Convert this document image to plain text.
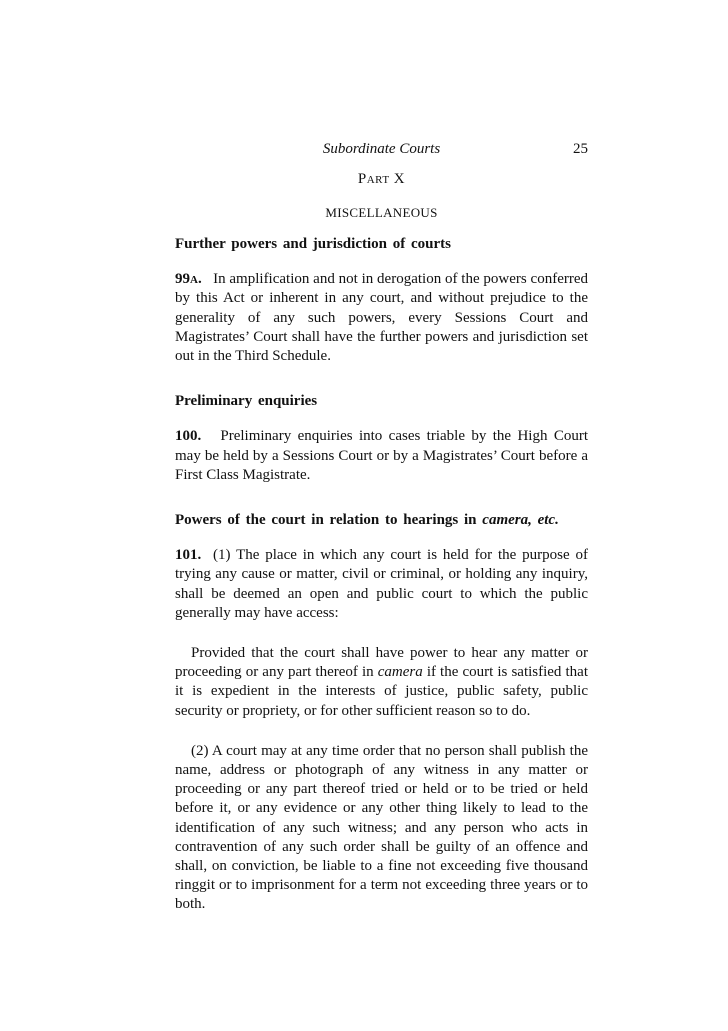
Subordinate Courts	25
Part X
MISCELLANEOUS
Further powers and jurisdiction of courts

99a. In amplification and not in derogation of the powers conferred by this Act or inherent in any court, and without prejudice to the generality of any such powers, every Sessions Court and Magistrates’ Court shall have the further powers and jurisdiction set out in the Third Schedule.

Preliminary enquiries

100. Preliminary enquiries into cases triable by the High Court may be held by a Sessions Court or by a Magistrates’ Court before a First Class Magistrate.

Powers of the court in relation to hearings in camera, etc.

101. (1) The place in which any court is held for the purpose of trying any cause or matter, civil or criminal, or holding any inquiry, shall be deemed an open and public court to which the public generally may have access:

Provided that the court shall have power to hear any matter or proceeding or any part thereof in camera if the court is satisfied that it is expedient in the interests of justice, public safety, public security or propriety, or for other sufficient reason so to do.

(2) A court may at any time order that no person shall publish the name, address or photograph of any witness in any matter or proceeding or any part thereof tried or held or to be tried or held before it, or any evidence or any other thing likely to lead to the identification of any such witness; and any person who acts in contravention of any such order shall be guilty of an offence and shall, on conviction, be liable to a fine not exceeding five thousand ringgit or to imprisonment for a term not exceeding three years or to both.
